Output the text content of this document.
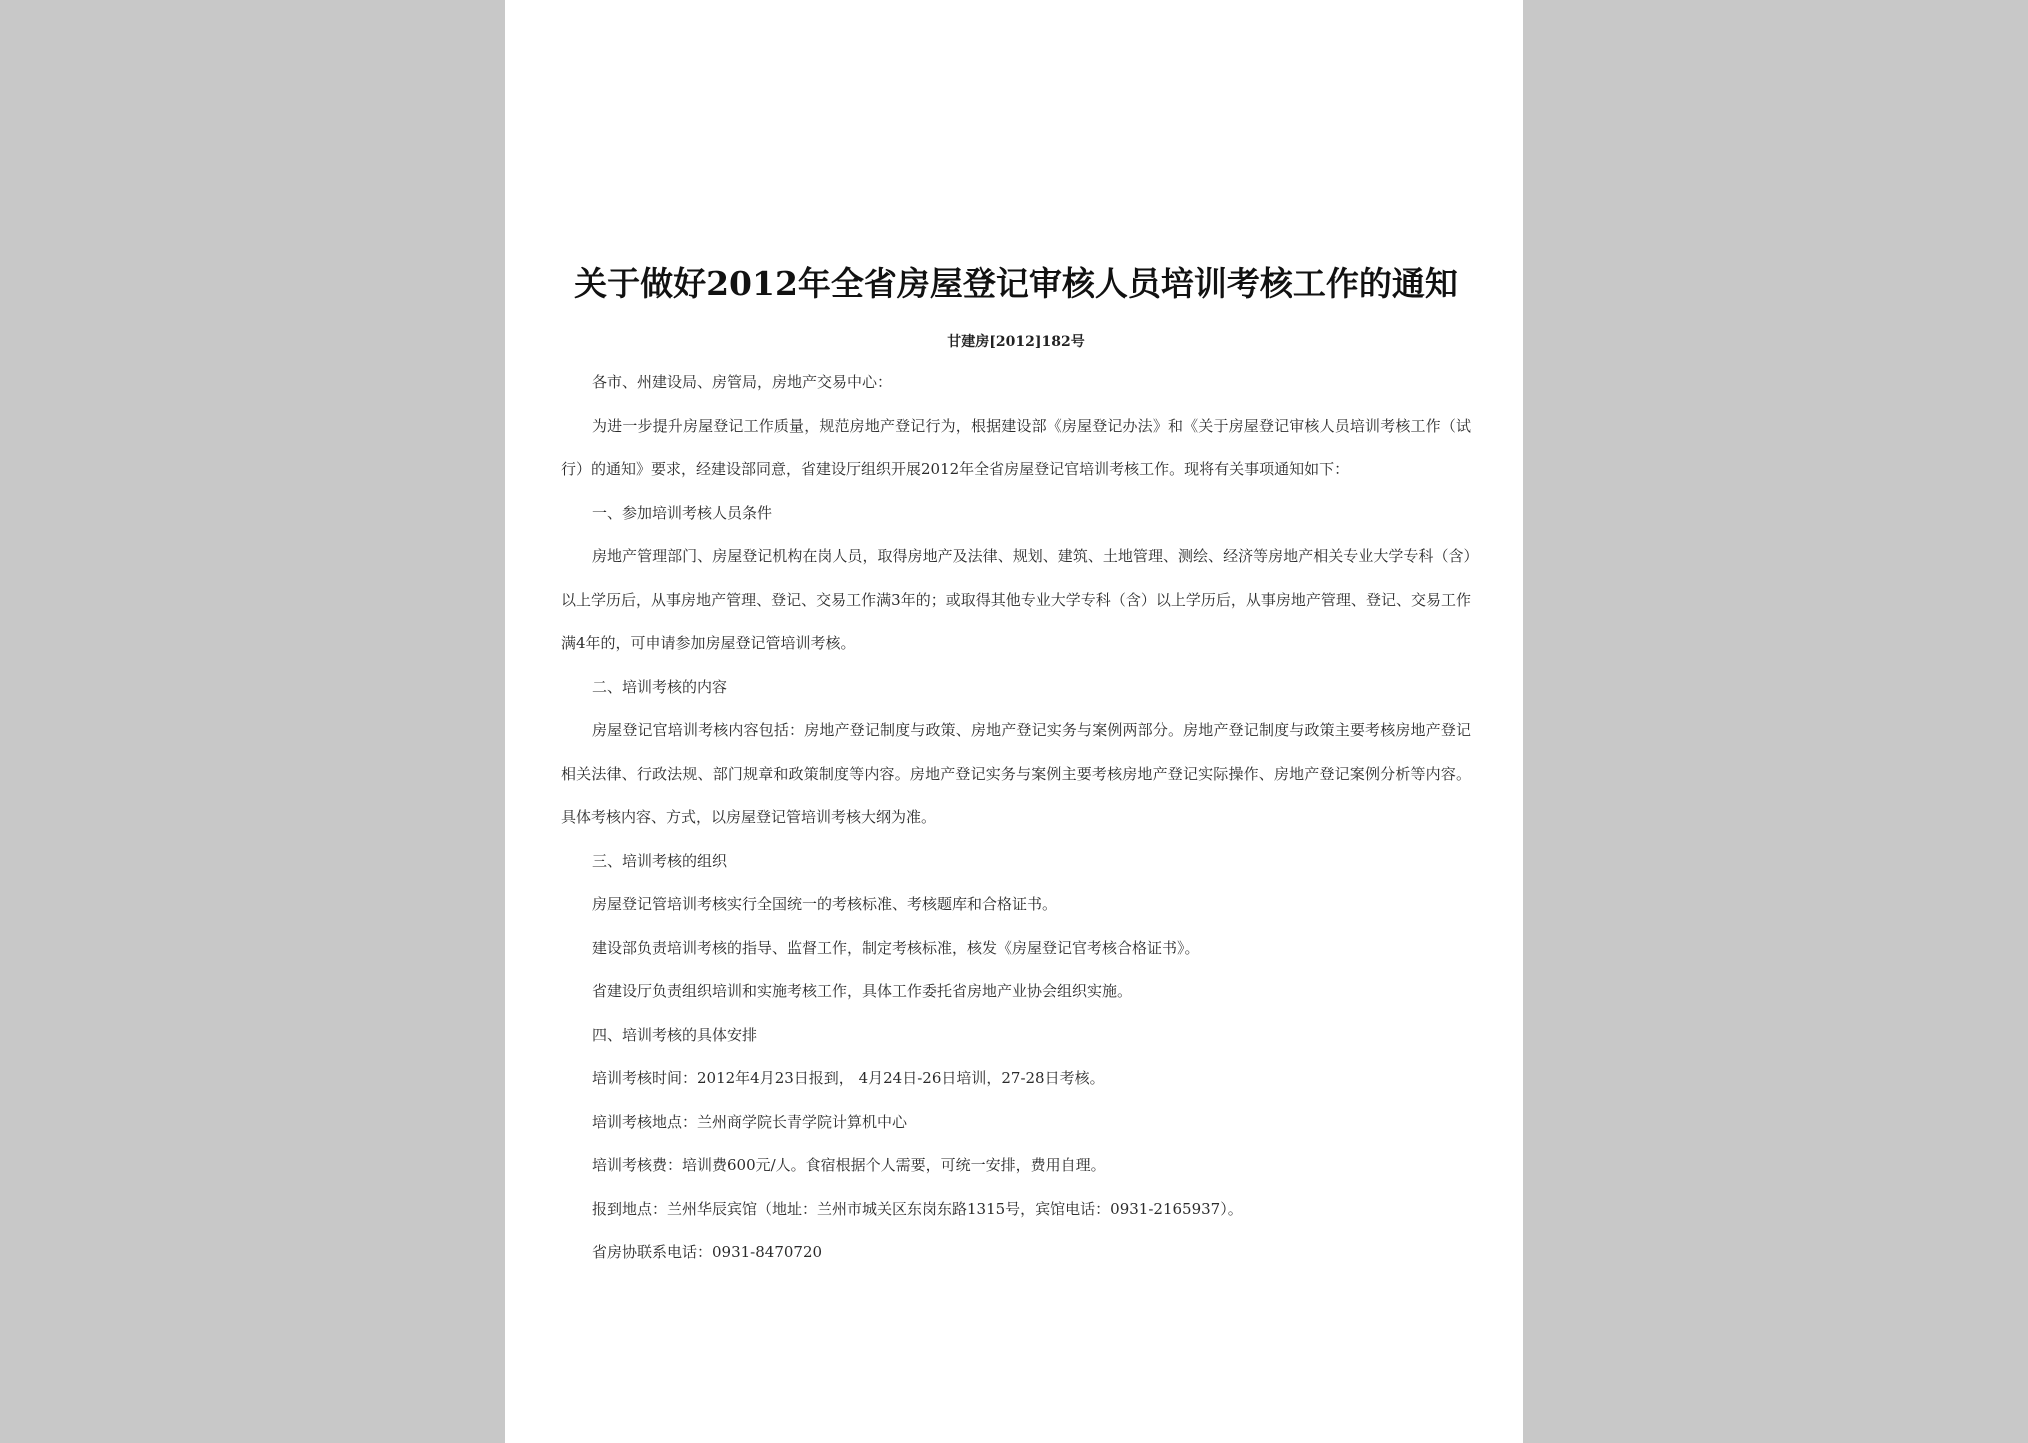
关于做好2012年全省房屋登记审核人员培训考核工作的通知
甘建房[2012]182号

各市、州建设局、房管局，房地产交易中心：

为进一步提升房屋登记工作质量，规范房地产登记行为，根据建设部《房屋登记办法》和《关于房屋登记审核人员培训考核工作（试行）的通知》要求，经建设部同意，省建设厅组织开展2012年全省房屋登记官培训考核工作。现将有关事项通知如下：

一、参加培训考核人员条件

房地产管理部门、房屋登记机构在岗人员，取得房地产及法律、规划、建筑、土地管理、测绘、经济等房地产相关专业大学专科（含）以上学历后，从事房地产管理、登记、交易工作满3年的；或取得其他专业大学专科（含）以上学历后，从事房地产管理、登记、交易工作满4年的，可申请参加房屋登记管培训考核。

二、培训考核的内容

房屋登记官培训考核内容包括：房地产登记制度与政策、房地产登记实务与案例两部分。房地产登记制度与政策主要考核房地产登记相关法律、行政法规、部门规章和政策制度等内容。房地产登记实务与案例主要考核房地产登记实际操作、房地产登记案例分析等内容。具体考核内容、方式，以房屋登记管培训考核大纲为准。

三、培训考核的组织

房屋登记管培训考核实行全国统一的考核标准、考核题库和合格证书。

建设部负责培训考核的指导、监督工作，制定考核标准，核发《房屋登记官考核合格证书》。

省建设厅负责组织培训和实施考核工作，具体工作委托省房地产业协会组织实施。

四、培训考核的具体安排

培训考核时间：2012年4月23日报到， 4月24日-26日培训，27-28日考核。

培训考核地点：兰州商学院长青学院计算机中心

培训考核费：培训费600元/人。食宿根据个人需要，可统一安排，费用自理。

报到地点：兰州华辰宾馆（地址：兰州市城关区东岗东路1315号，宾馆电话：0931-2165937）。

省房协联系电话：0931-8470720
